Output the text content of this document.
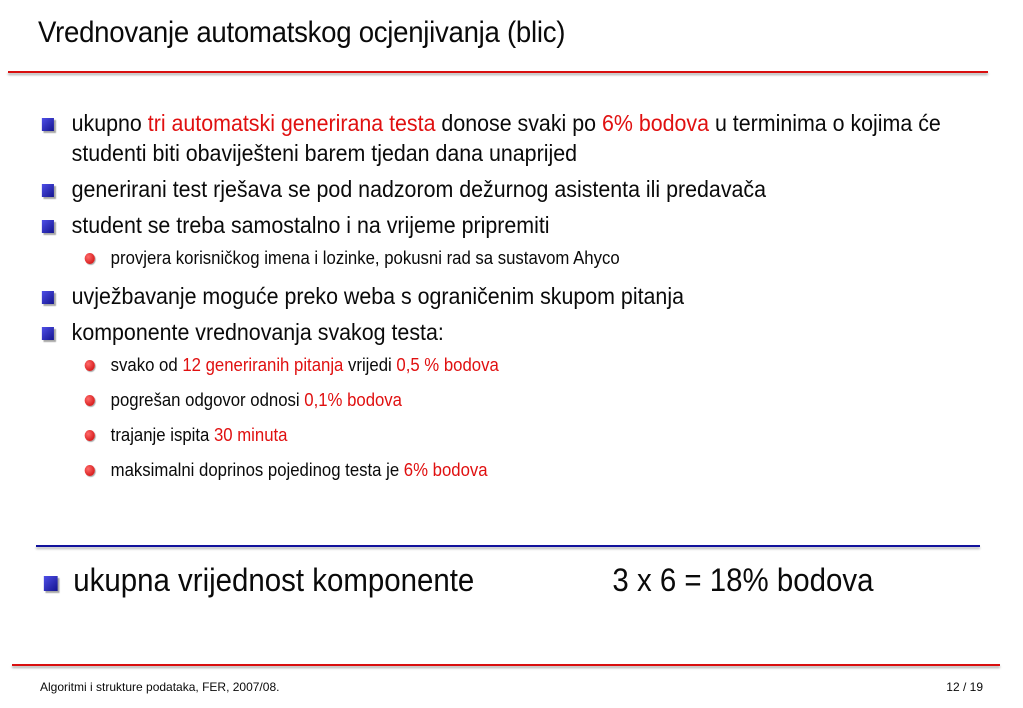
Vrednovanje automatskog ocjenjivanja (blic)
ukupno tri automatski generirana testa donose svaki po 6% bodova u terminima o kojima će studenti biti obaviješteni barem tjedan dana unaprijed
generirani test rješava se pod nadzorom dežurnog asistenta ili predavača
student se treba samostalno i na vrijeme pripremiti
provjera korisničkog imena i lozinke, pokusni rad sa sustavom Ahyco
uvježbavanje moguće preko weba s ograničenim skupom pitanja
komponente vrednovanja svakog testa:
svako od 12 generiranih pitanja vrijedi 0,5 % bodova
pogrešan odgovor odnosi 0,1% bodova
trajanje ispita 30 minuta
maksimalni doprinos pojedinog testa je 6% bodova
ukupna vrijednost komponente	3 x 6 = 18% bodova
Algoritmi i strukture podataka, FER, 2007/08.	12 / 19
